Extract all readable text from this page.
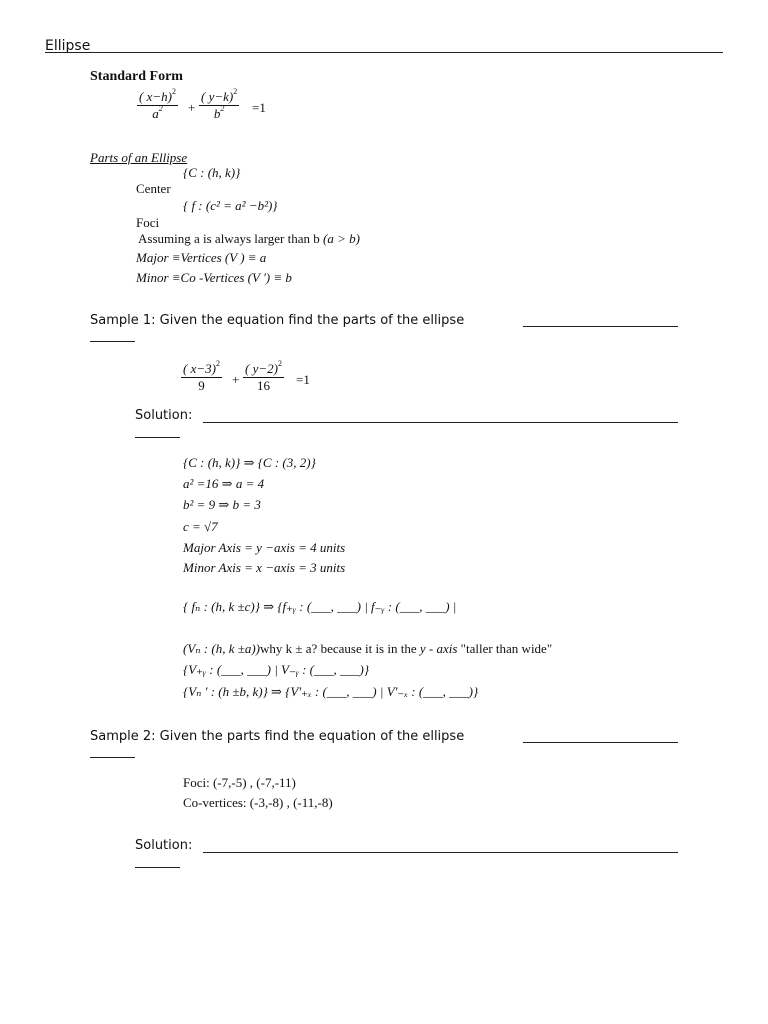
Ellipse
Standard Form
( x−h)$^2$
$a^2$	+
( y−k)$^2$
$b^2$	=1
Parts of an Ellipse
{C : (h, k)}
Center
{ f : (c² = a² −b²)}
Foci
Assuming a is always larger than b (a > b)
Major ≡Vertices (V ) ≡ a
Minor ≡Co -Vertices (V ') ≡ b
Sample 1: Given the equation find the parts of the ellipse
( x−3)$^2$
9	+
( y−2)$^2$
16	=1
Solution:
{C : (h, k)} ⇒ {C : (3, 2)}
a² =16 ⇒ a = 4
b² = 9 ⇒ b = 3
c = √7
Major Axis = y −axis = 4 units
Minor Axis = x −axis = 3 units
{ fₙ : (h, k ±c)} ⇒ {f₊ᵧ : (___, ___) | f₋ᵧ : (___, ___) |
(Vₙ : (h, k ±a))why k ± a? because it is in the y - axis "taller than wide"
{V₊ᵧ : (___, ___) | V₋ᵧ : (___, ___)}
{Vₙ ' : (h ±b, k)} ⇒ {V'₊ₓ : (___, ___) | V'₋ₓ : (___, ___)}
Sample 2: Given the parts find the equation of the ellipse
Foci: (-7,-5) , (-7,-11)
Co-vertices: (-3,-8) , (-11,-8)
Solution:
